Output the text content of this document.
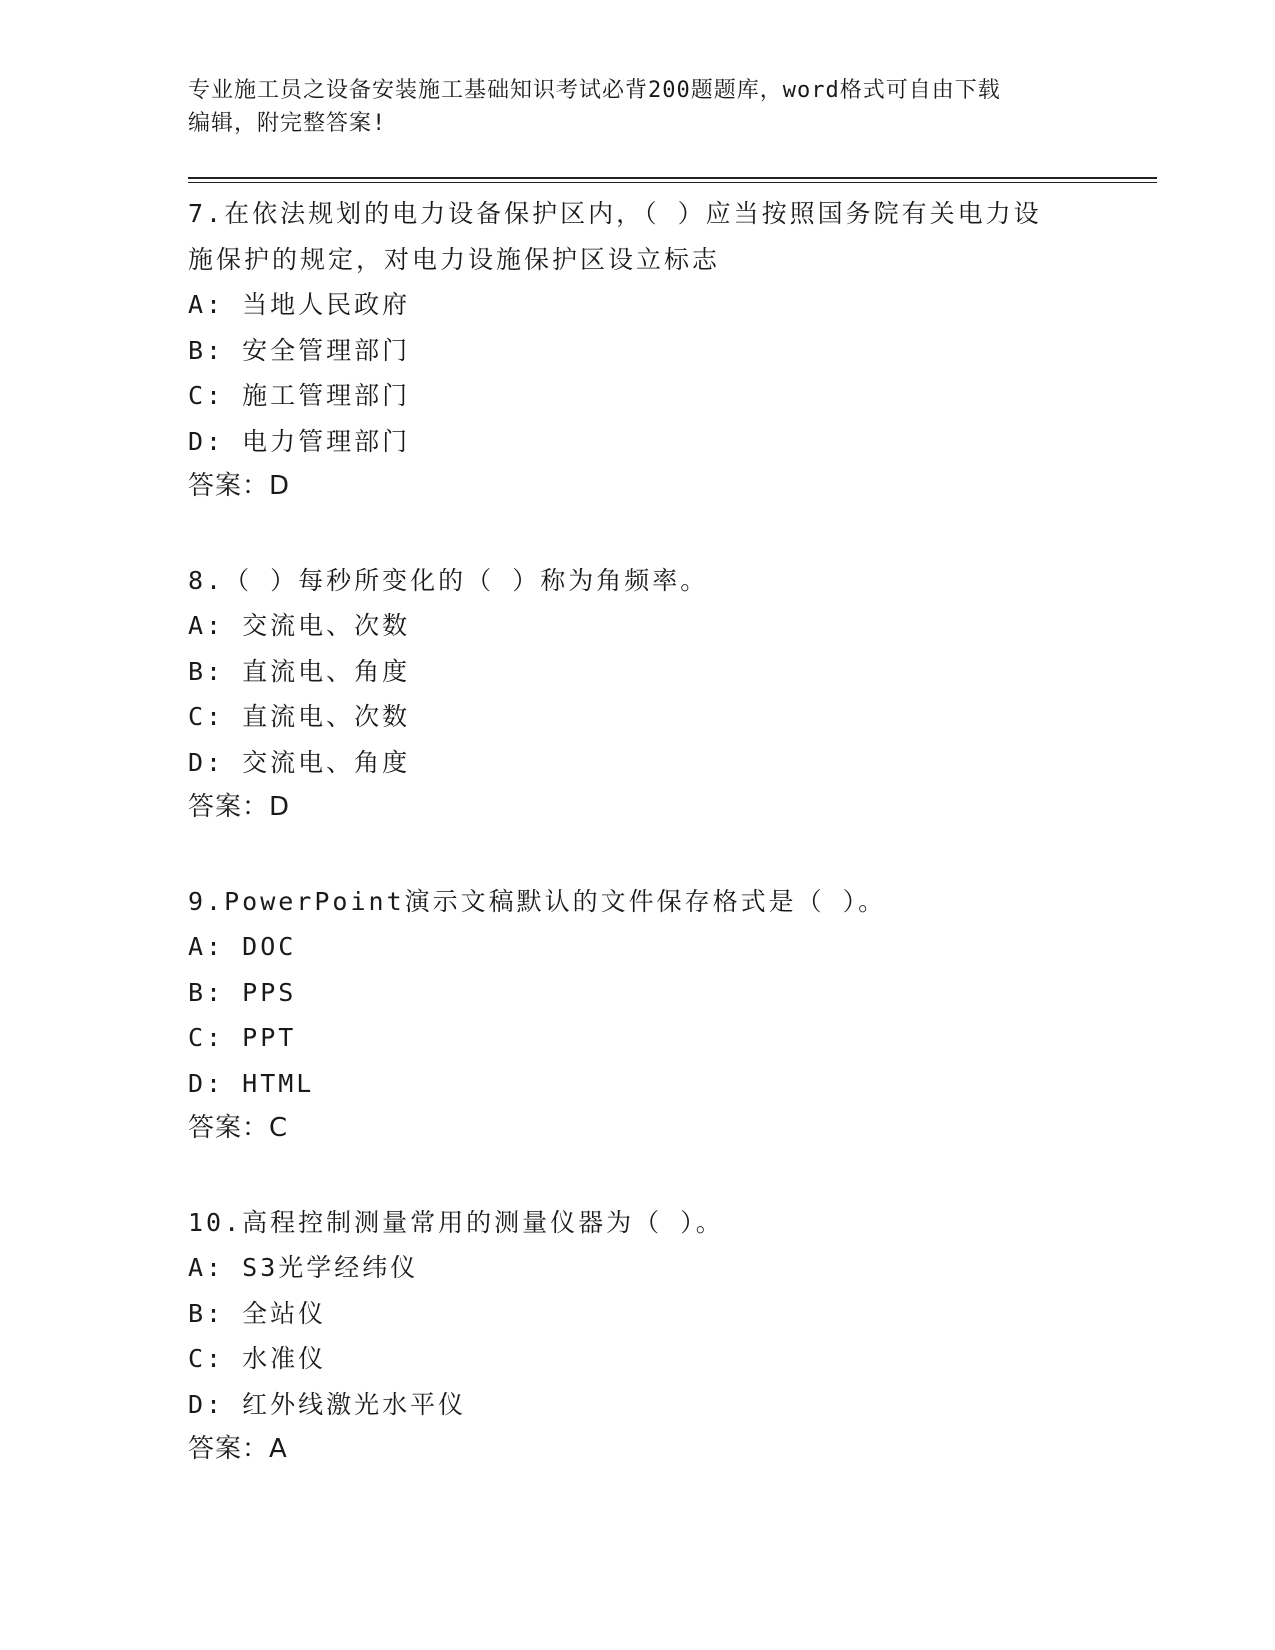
专业施工员之设备安装施工基础知识考试必背200题题库，word格式可自由下载
编辑，附完整答案!
7.在依法规划的电力设备保护区内，（ ）应当按照国务院有关电力设
施保护的规定，对电力设施保护区设立标志
A: 当地人民政府
B: 安全管理部门
C: 施工管理部门
D: 电力管理部门
答案：D
8.（ ）每秒所变化的（ ）称为角频率。
A: 交流电、次数
B: 直流电、角度
C: 直流电、次数
D: 交流电、角度
答案：D
9.PowerPoint演示文稿默认的文件保存格式是（ ）。
A: DOC
B: PPS
C: PPT
D: HTML
答案：C
10.高程控制测量常用的测量仪器为（ ）。
A: S3光学经纬仪
B: 全站仪
C: 水准仪
D: 红外线激光水平仪
答案：A
